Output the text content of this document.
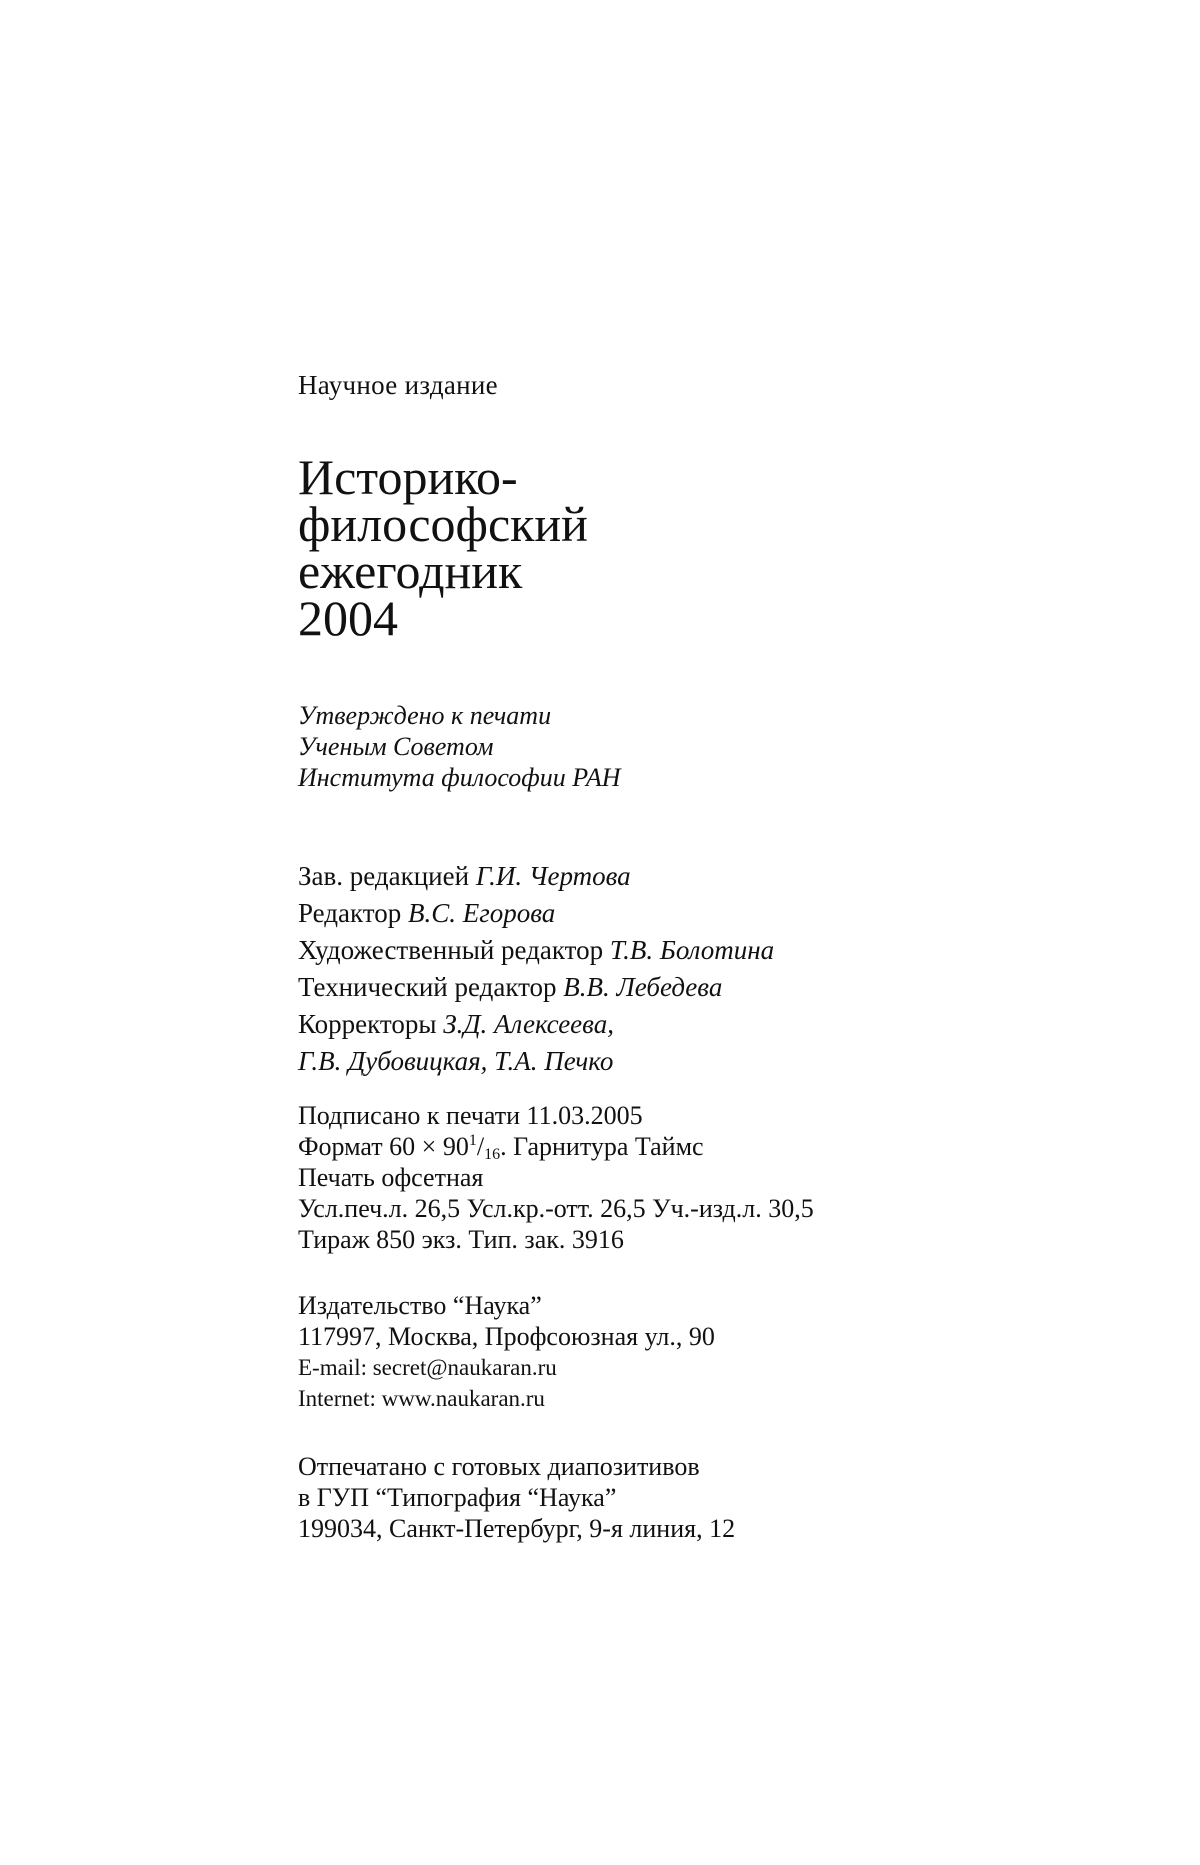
Научное издание
Историко-
философский
ежегодник
2004
Утверждено к печати
Ученым Советом
Института философии РАН
Зав. редакцией Г.И. Чертова
Редактор В.С. Егорова
Художественный редактор Т.В. Болотина
Технический редактор В.В. Лебедева
Корректоры З.Д. Алексеева,
Г.В. Дубовицкая, Т.А. Печко
Подписано к печати 11.03.2005
Формат $60 \times 90^1/_{16}$. Гарнитура Таймс
Печать офсетная
Усл.печ.л. 26,5 Усл.кр.-отт. 26,5 Уч.-изд.л. 30,5
Тираж 850 экз. Тип. зак. 3916
Издательство “Наука”
117997, Москва, Профсоюзная ул., 90
E-mail: secret@naukaran.ru
Internet: www.naukaran.ru
Отпечатано с готовых диапозитивов
в ГУП “Типография “Наука”
199034, Санкт-Петербург, 9-я линия, 12
